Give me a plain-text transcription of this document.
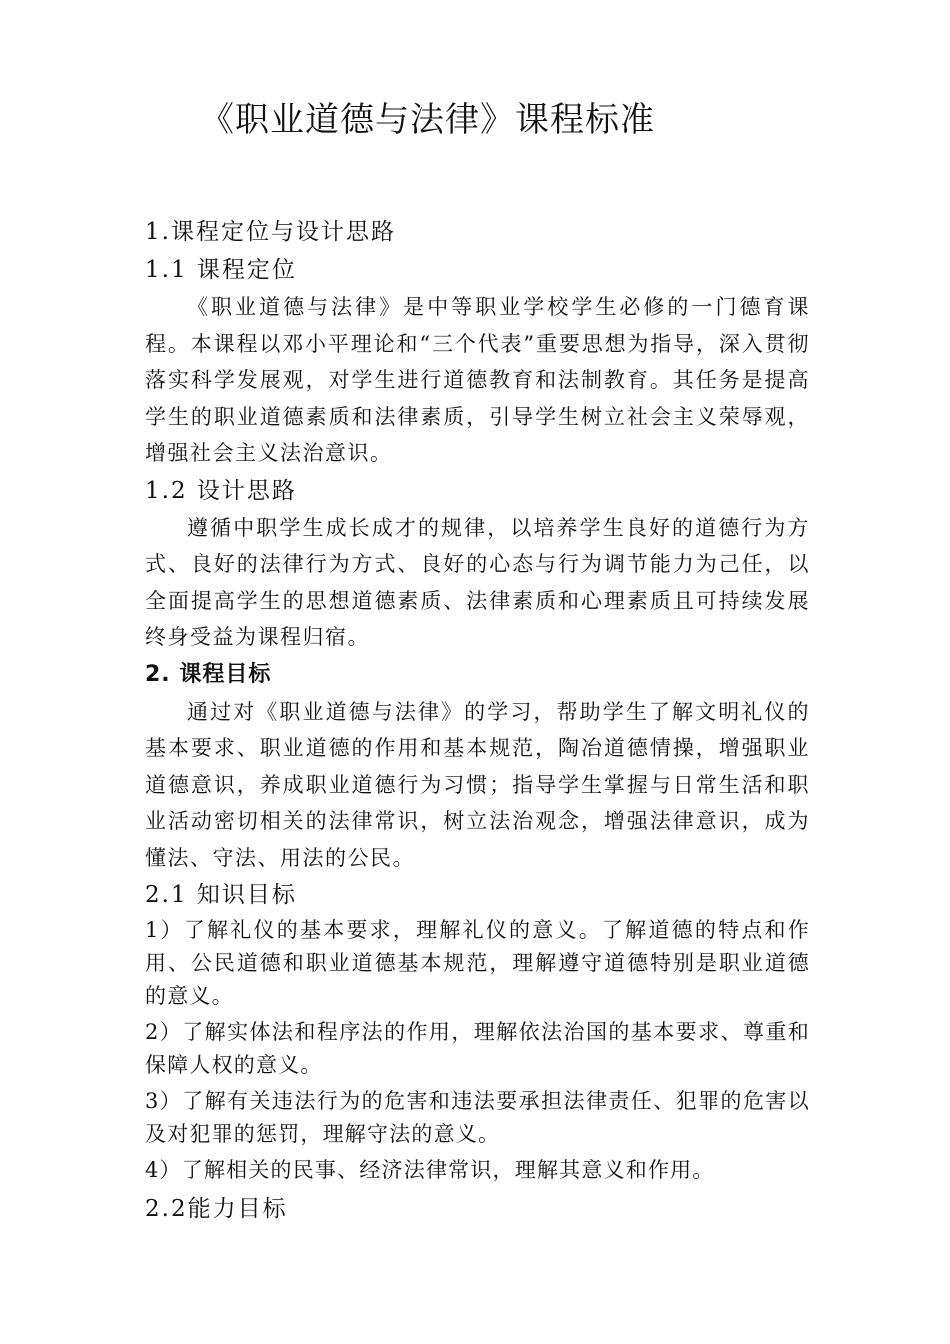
《职业道德与法律》课程标准
1.课程定位与设计思路
1.1 课程定位

《职业道德与法律》是中等职业学校学生必修的一门德育课程。本课程以邓小平理论和“三个代表”重要思想为指导，深入贯彻落实科学发展观，对学生进行道德教育和法制教育。其任务是提高学生的职业道德素质和法律素质，引导学生树立社会主义荣辱观，增强社会主义法治意识。

1.2 设计思路

遵循中职学生成长成才的规律，以培养学生良好的道德行为方式、良好的法律行为方式、良好的心态与行为调节能力为己任，以全面提高学生的思想道德素质、法律素质和心理素质且可持续发展终身受益为课程归宿。

2. 课程目标

通过对《职业道德与法律》的学习，帮助学生了解文明礼仪的基本要求、职业道德的作用和基本规范，陶冶道德情操，增强职业道德意识，养成职业道德行为习惯；指导学生掌握与日常生活和职业活动密切相关的法律常识，树立法治观念，增强法律意识，成为懂法、守法、用法的公民。

2.1 知识目标

1）了解礼仪的基本要求，理解礼仪的意义。了解道德的特点和作用、公民道德和职业道德基本规范，理解遵守道德特别是职业道德的意义。

2）了解实体法和程序法的作用，理解依法治国的基本要求、尊重和保障人权的意义。

3）了解有关违法行为的危害和违法要承担法律责任、犯罪的危害以及对犯罪的惩罚，理解守法的意义。

4）了解相关的民事、经济法律常识，理解其意义和作用。

2.2能力目标
